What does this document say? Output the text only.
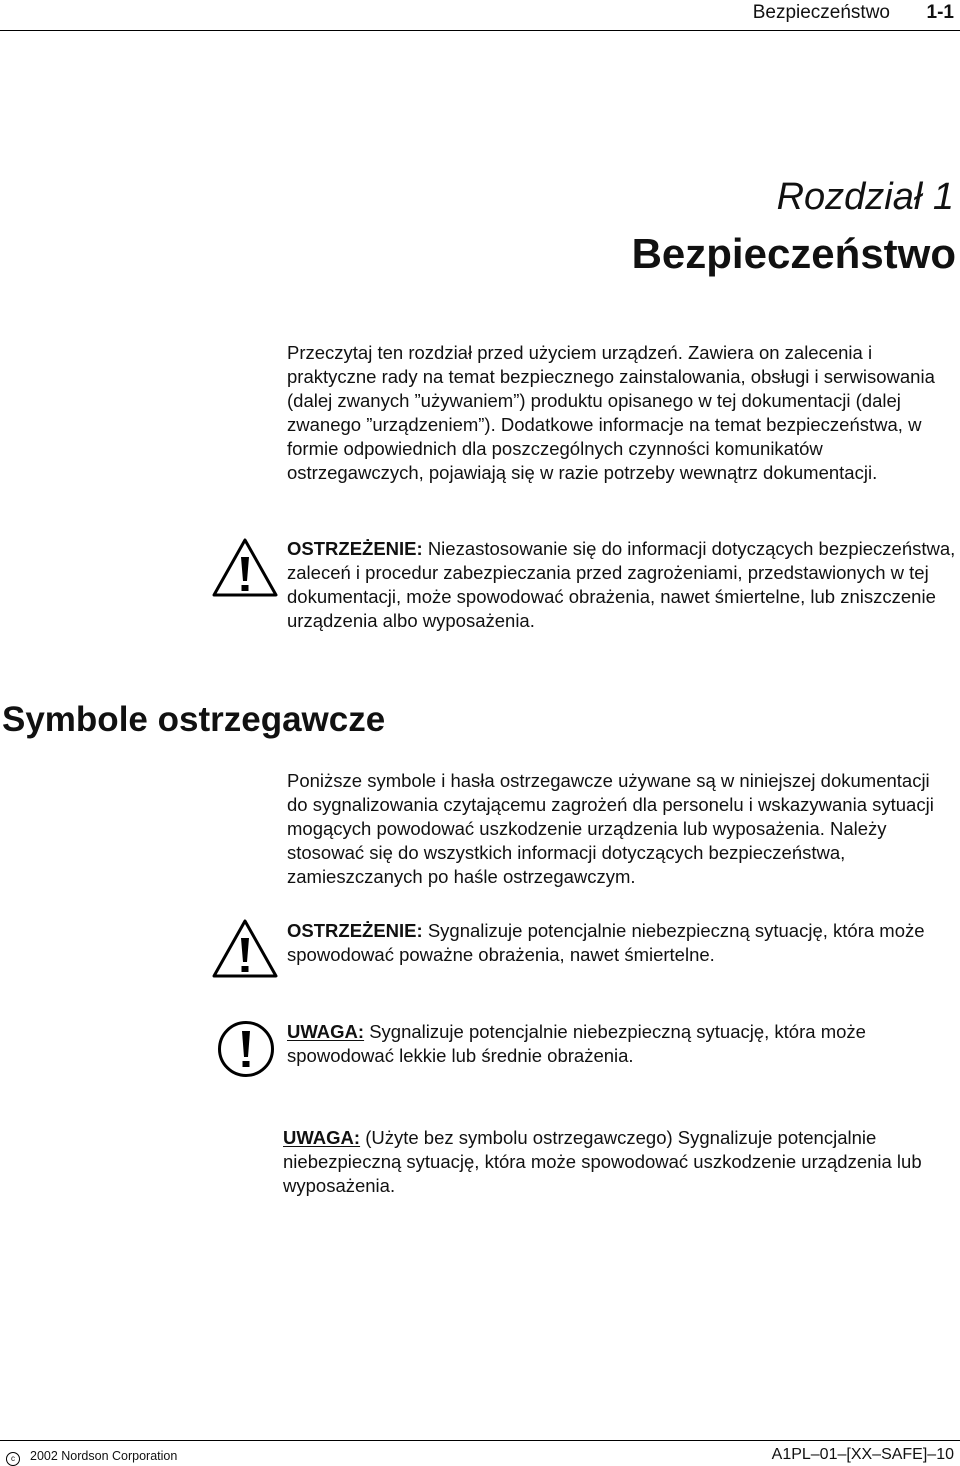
Bezpieczeństwo 1-1
Rozdział 1
Bezpieczeństwo

Przeczytaj ten rozdział przed użyciem urządzeń. Zawiera on zalecenia i praktyczne rady na temat bezpiecznego zainstalowania, obsługi i serwisowania (dalej zwanych ”używaniem”) produktu opisanego w tej dokumentacji (dalej zwanego ”urządzeniem”). Dodatkowe informacje na temat bezpieczeństwa, w formie odpowiednich dla poszczególnych czynności komunikatów ostrzegawczych, pojawiają się w razie potrzeby wewnątrz dokumentacji.

OSTRZEŻENIE: Niezastosowanie się do informacji dotyczących bezpieczeństwa, zaleceń i procedur zabezpieczania przed zagrożeniami, przedstawionych w tej dokumentacji, może spowodować obrażenia, nawet śmiertelne, lub zniszczenie urządzenia albo wyposażenia.

Symbole ostrzegawcze

Poniższe symbole i hasła ostrzegawcze używane są w niniejszej dokumentacji do sygnalizowania czytającemu zagrożeń dla personelu i wskazywania sytuacji mogących powodować uszkodzenie urządzenia lub wyposażenia. Należy stosować się do wszystkich informacji dotyczących bezpieczeństwa, zamieszczanych po haśle ostrzegawczym.

OSTRZEŻENIE: Sygnalizuje potencjalnie niebezpieczną sytuację, która może spowodować poważne obrażenia, nawet śmiertelne.

UWAGA: Sygnalizuje potencjalnie niebezpieczną sytuację, która może spowodować lekkie lub średnie obrażenia.

UWAGA: (Użyte bez symbolu ostrzegawczego) Sygnalizuje potencjalnie niebezpieczną sytuację, która może spowodować uszkodzenie urządzenia lub wyposażenia.

c 2002 Nordson Corporation	A1PL–01–[XX–SAFE]–10
